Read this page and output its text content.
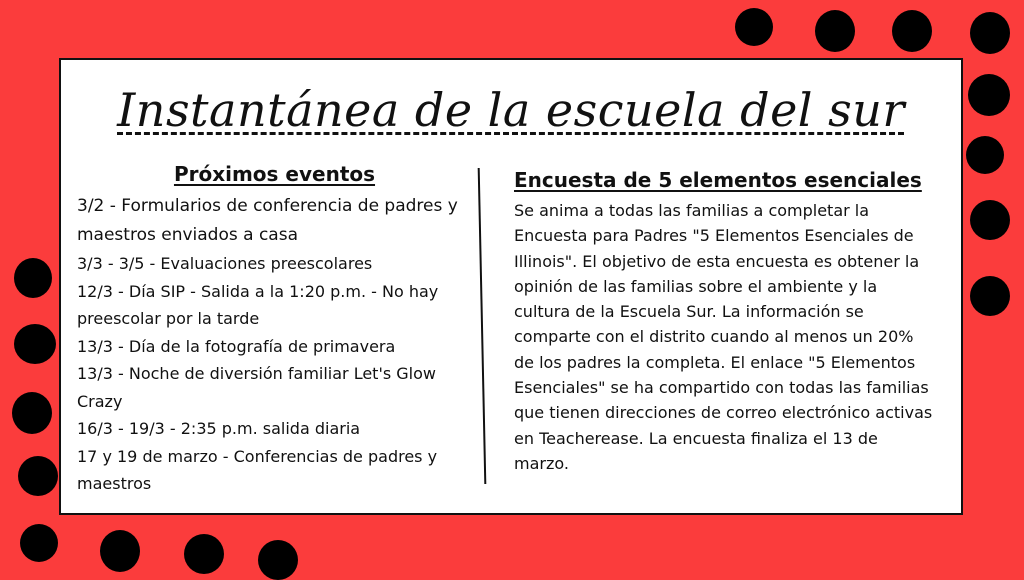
Instantánea de la escuela del sur

Próximos eventos

3/2 - Formularios de conferencia de padres y maestros enviados a casa

3/3 - 3/5 - Evaluaciones preescolares

12/3 - Día SIP - Salida a la 1:20 p.m. - No hay preescolar por la tarde

13/3 - Día de la fotografía de primavera

13/3 - Noche de diversión familiar Let's Glow Crazy

16/3 - 19/3 - 2:35 p.m. salida diaria

17 y 19 de marzo - Conferencias de padres y maestros

Encuesta de 5 elementos esenciales

Se anima a todas las familias a completar la Encuesta para Padres "5 Elementos Esenciales de Illinois". El objetivo de esta encuesta es obtener la opinión de las familias sobre el ambiente y la cultura de la Escuela Sur. La información se comparte con el distrito cuando al menos un 20% de los padres la completa. El enlace "5 Elementos Esenciales" se ha compartido con todas las familias que tienen direcciones de correo electrónico activas en Teacherease. La encuesta finaliza el 13 de marzo.
